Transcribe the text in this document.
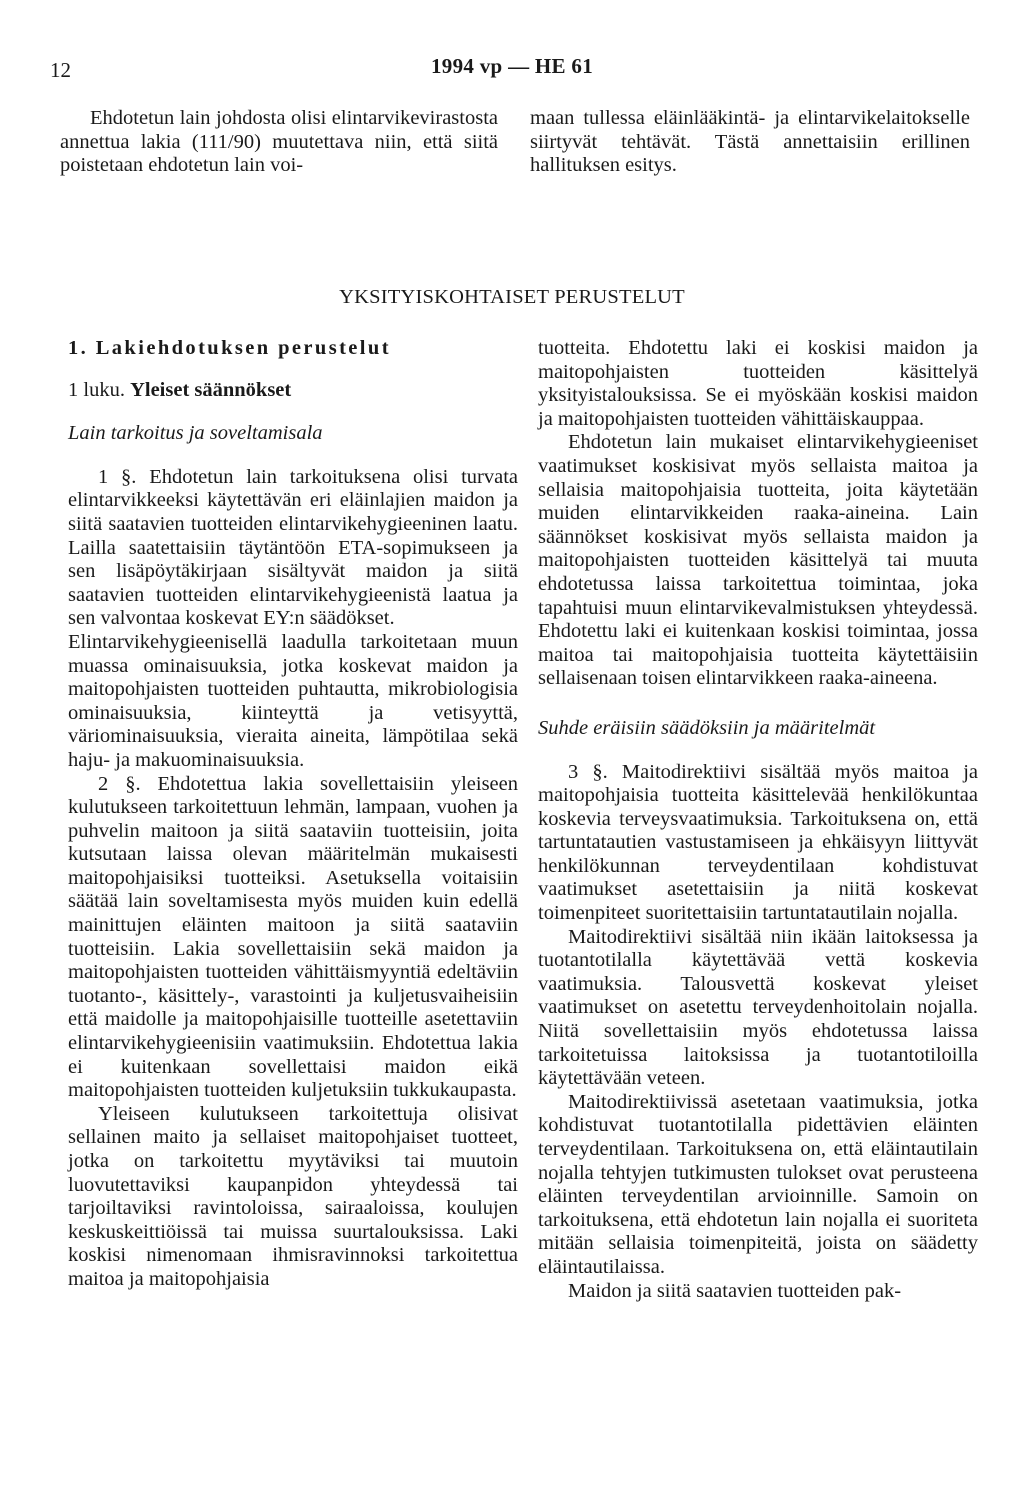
12	1994 vp — HE 61

Ehdotetun lain johdosta olisi elintarvikevirastosta annettua lakia (111/90) muutettava niin, että siitä poistetaan ehdotetun lain voi-

maan tullessa eläinlääkintä- ja elintarvikelaitokselle siirtyvät tehtävät. Tästä annettaisiin erillinen hallituksen esitys.

YKSITYISKOHTAISET PERUSTELUT

1. Lakiehdotuksen perustelut

1 luku. Yleiset säännökset

Lain tarkoitus ja soveltamisala

1 §. Ehdotetun lain tarkoituksena olisi turvata elintarvikkeeksi käytettävän eri eläinlajien maidon ja siitä saatavien tuotteiden elintarvikehygieeninen laatu. Lailla saatettaisiin täytäntöön ETA-sopimukseen ja sen lisäpöytäkirjaan sisältyvät maidon ja siitä saatavien tuotteiden elintarvikehygieenistä laatua ja sen valvontaa koskevat EY:n säädökset.

Elintarvikehygieenisellä laadulla tarkoitetaan muun muassa ominaisuuksia, jotka koskevat maidon ja maitopohjaisten tuotteiden puhtautta, mikrobiologisia ominaisuuksia, kiinteyttä ja vetisyyttä, väriominaisuuksia, vieraita aineita, lämpötilaa sekä haju- ja makuominaisuuksia.

2 §. Ehdotettua lakia sovellettaisiin yleiseen kulutukseen tarkoitettuun lehmän, lampaan, vuohen ja puhvelin maitoon ja siitä saataviin tuotteisiin, joita kutsutaan laissa olevan määritelmän mukaisesti maitopohjaisiksi tuotteiksi. Asetuksella voitaisiin säätää lain soveltamisesta myös muiden kuin edellä mainittujen eläinten maitoon ja siitä saataviin tuotteisiin. Lakia sovellettaisiin sekä maidon ja maitopohjaisten tuotteiden vähittäismyyntiä edeltäviin tuotanto-, käsittely-, varastointi ja kuljetusvaiheisiin että maidolle ja maitopohjaisille tuotteille asetettaviin elintarvikehygieenisiin vaatimuksiin. Ehdotettua lakia ei kuitenkaan sovellettaisi maidon eikä maitopohjaisten tuotteiden kuljetuksiin tukkukaupasta.

Yleiseen kulutukseen tarkoitettuja olisivat sellainen maito ja sellaiset maitopohjaiset tuotteet, jotka on tarkoitettu myytäviksi tai muutoin luovutettaviksi kaupanpidon yhteydessä tai tarjoiltaviksi ravintoloissa, sairaaloissa, koulujen keskuskeittiöissä tai muissa suurtalouksissa. Laki koskisi nimenomaan ihmisravinnoksi tarkoitettua maitoa ja maitopohjaisia

tuotteita. Ehdotettu laki ei koskisi maidon ja maitopohjaisten tuotteiden käsittelyä yksityistalouksissa. Se ei myöskään koskisi maidon ja maitopohjaisten tuotteiden vähittäiskauppaa.

Ehdotetun lain mukaiset elintarvikehygieeniset vaatimukset koskisivat myös sellaista maitoa ja sellaisia maitopohjaisia tuotteita, joita käytetään muiden elintarvikkeiden raaka-aineina. Lain säännökset koskisivat myös sellaista maidon ja maitopohjaisten tuotteiden käsittelyä tai muuta ehdotetussa laissa tarkoitettua toimintaa, joka tapahtuisi muun elintarvikevalmistuksen yhteydessä. Ehdotettu laki ei kuitenkaan koskisi toimintaa, jossa maitoa tai maitopohjaisia tuotteita käytettäisiin sellaisenaan toisen elintarvikkeen raaka-aineena.

Suhde eräisiin säädöksiin ja määritelmät

3 §. Maitodirektiivi sisältää myös maitoa ja maitopohjaisia tuotteita käsittelevää henkilökuntaa koskevia terveysvaatimuksia. Tarkoituksena on, että tartuntatautien vastustamiseen ja ehkäisyyn liittyvät henkilökunnan terveydentilaan kohdistuvat vaatimukset asetettaisiin ja niitä koskevat toimenpiteet suoritettaisiin tartuntatautilain nojalla.

Maitodirektiivi sisältää niin ikään laitoksessa ja tuotantotilalla käytettävää vettä koskevia vaatimuksia. Talousvettä koskevat yleiset vaatimukset on asetettu terveydenhoitolain nojalla. Niitä sovellettaisiin myös ehdotetussa laissa tarkoitetuissa laitoksissa ja tuotantotiloilla käytettävään veteen.

Maitodirektiivissä asetetaan vaatimuksia, jotka kohdistuvat tuotantotilalla pidettävien eläinten terveydentilaan. Tarkoituksena on, että eläintautilain nojalla tehtyjen tutkimusten tulokset ovat perusteena eläinten terveydentilan arvioinnille. Samoin on tarkoituksena, että ehdotetun lain nojalla ei suoriteta mitään sellaisia toimenpiteitä, joista on säädetty eläintautilaissa.

Maidon ja siitä saatavien tuotteiden pak-
